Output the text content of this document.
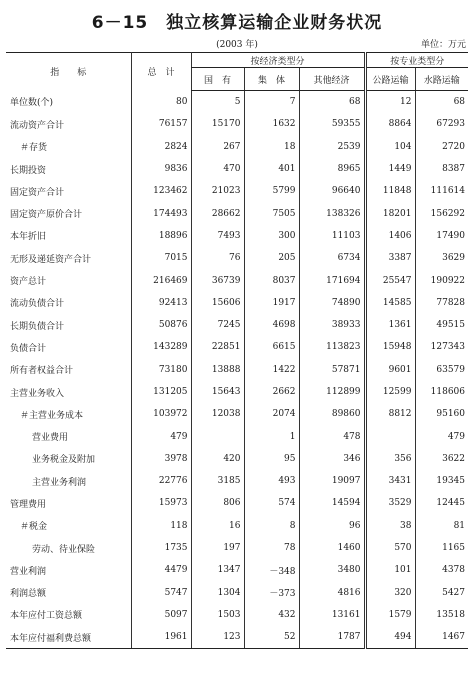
6－15　独立核算运输企业财务状况
(2003 年)	单位：万元
指　　标	总　计	按经济类型分			按专业类型分	
		国　有	集　体	其他经济	公路运输	水路运输
单位数(个)	80	5	7	68	12	68
流动资产合计	76157	15170	1632	59355	8864	67293
＃存货	2824	267	18	2539	104	2720
长期投资	9836	470	401	8965	1449	8387
固定资产合计	123462	21023	5799	96640	11848	111614
固定资产原价合计	174493	28662	7505	138326	18201	156292
本年折旧	18896	7493	300	11103	1406	17490
无形及递延资产合计	7015	76	205	6734	3387	3629
资产总计	216469	36739	8037	171694	25547	190922
流动负债合计	92413	15606	1917	74890	14585	77828
长期负债合计	50876	7245	4698	38933	1361	49515
负债合计	143289	22851	6615	113823	15948	127343
所有者权益合计	73180	13888	1422	57871	9601	63579
主营业务收入	131205	15643	2662	112899	12599	118606
＃主营业务成本	103972	12038	2074	89860	8812	95160
营业费用	479		1	478		479
业务税金及附加	3978	420	95	346	356	3622
主营业务利润	22776	3185	493	19097	3431	19345
管理费用	15973	806	574	14594	3529	12445
＃税金	118	16	8	96	38	81
劳动、待业保险	1735	197	78	1460	570	1165
营业利润	4479	1347	－348	3480	101	4378
利润总额	5747	1304	－373	4816	320	5427
本年应付工资总额	5097	1503	432	13161	1579	13518
本年应付福利费总额	1961	123	52	1787	494	1467
